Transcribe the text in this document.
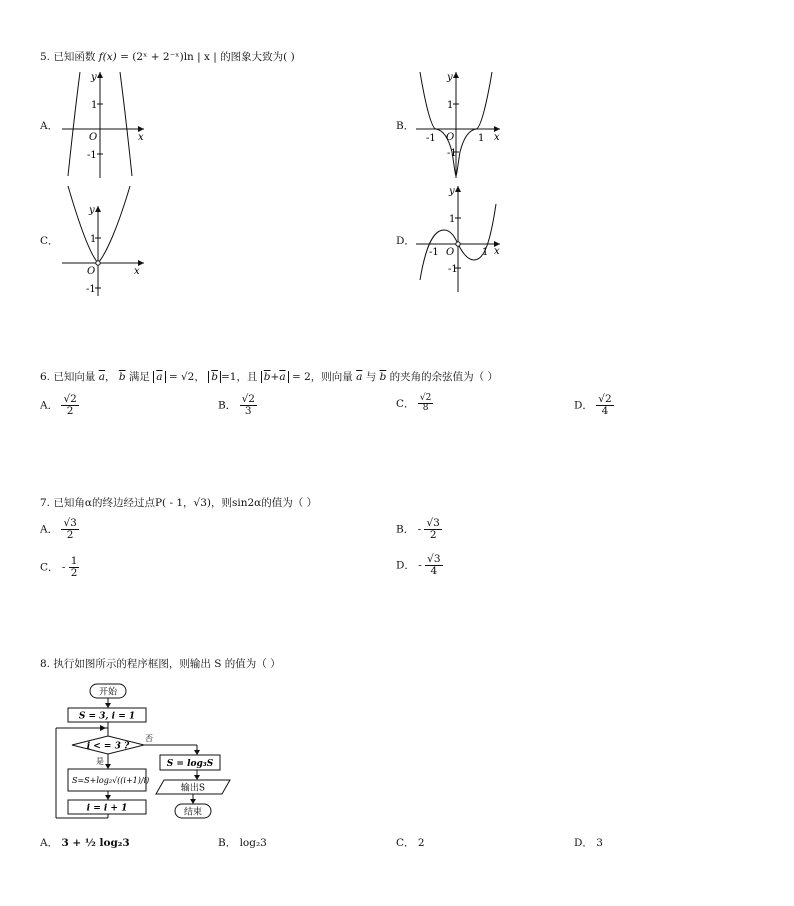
5. 已知函数 f(x) = (2ˣ + 2⁻ˣ)ln | x | 的图象大致为( )
A．	B．
C．	D．
y
x
O
1
-1
y
x
O
1
-1	1
-1
y
x
O
1
-1
y
x
O
1
-1	1
-1
6. 已知向量 $\overline{a}$， $\overline{b}$ 满足 $\overline{a} = √2$， $\overline{b} =1$，且 $\overline{b}+\overline{a} = 2$，则向量 $\overline{a}$ 与 $\overline{b}$ 的夹角的余弦值为（ ）
A． $\frac{√2}{2}$	B． $\frac{√2}{3}$	C． $\frac{√2}{8}$	D． $\frac{√2}{4}$
7. 已知角α的终边经过点P( - 1，√3)，则sin2α的值为（ ）
A． $\frac{√3}{2}$	B． - $\frac{√3}{2}$
C． - $\frac{1}{2}$	D． - $\frac{√3}{4}$
8. 执行如图所示的程序框图，则输出 S 的值为（ ）
开始
S = 3, i = 1
i < = 3 ?
否
是
S=S+log₂√((i+1)/i)
i = i + 1
S = log₃S
输出S
结束
A． 3 + ½ log₂3	B． log₂3	C． 2	D． 3
